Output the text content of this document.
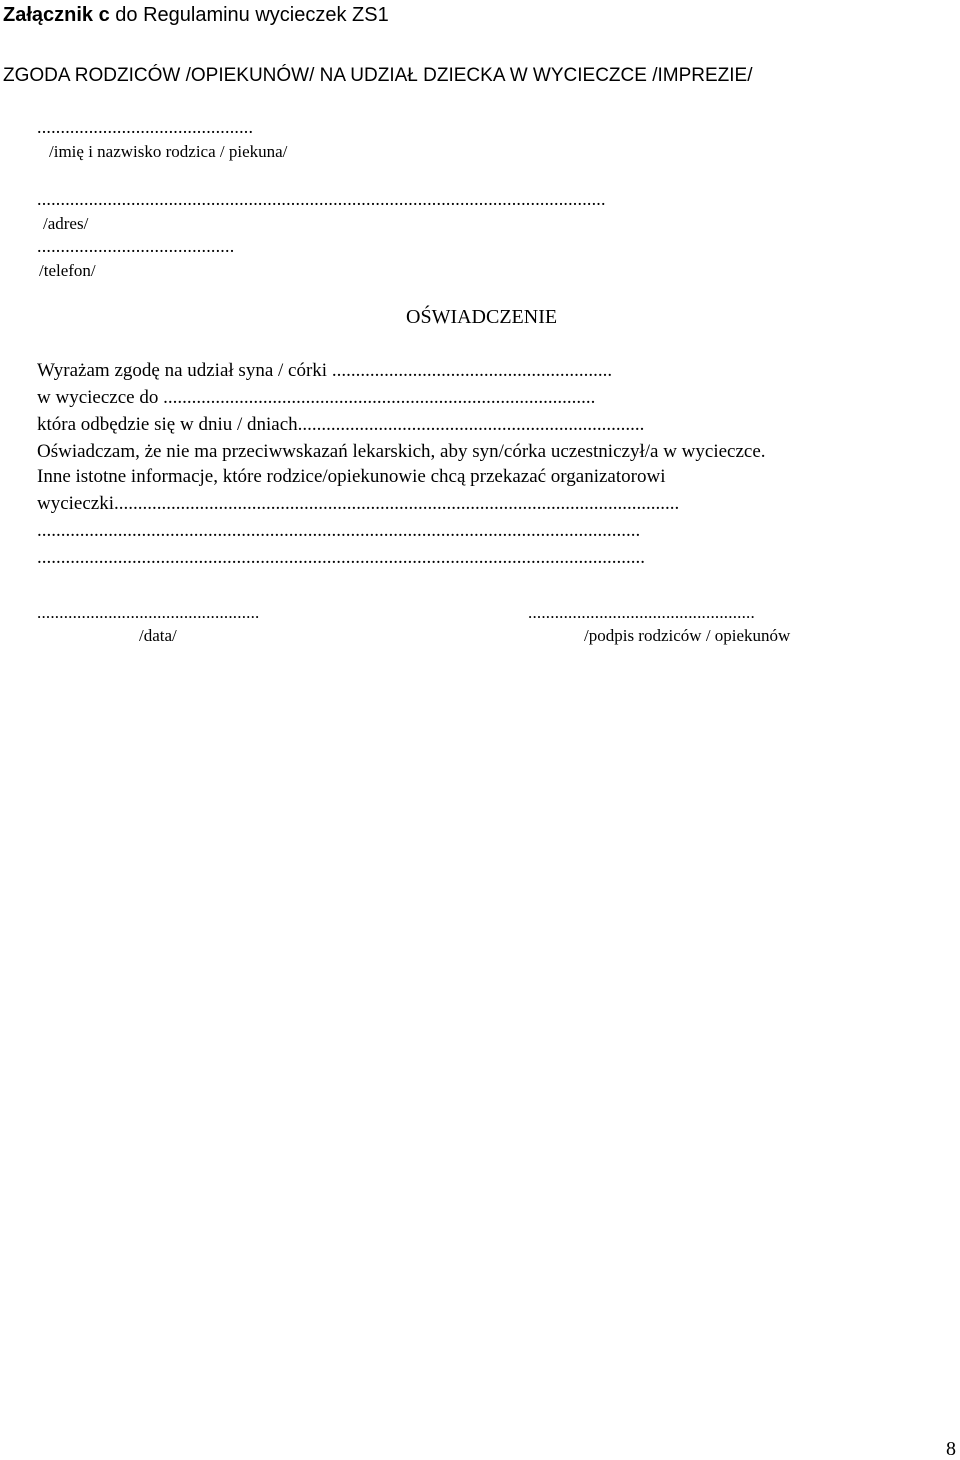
Załącznik c do Regulaminu wycieczek ZS1
ZGODA RODZICÓW /OPIEKUNÓW/ NA UDZIAŁ DZIECKA W WYCIECZCE /IMPREZIE/
..............................................
/imię i nazwisko rodzica / piekuna/
.........................................................................................................................
/adres/
..........................................
/telefon/
OŚWIADCZENIE
Wyrażam zgodę na udział syna / córki ...........................................................
w wycieczce do ...........................................................................................
która odbędzie się w dniu / dniach.........................................................................
Oświadczam, że nie ma przeciwwskazań lekarskich, aby syn/córka uczestniczył/a w wycieczce.
Inne istotne informacje, które rodzice/opiekunowie chcą przekazać organizatorowi
wycieczki.......................................................................................................................
...............................................................................................................................
................................................................................................................................
..................................................
/data/
...................................................
/podpis rodziców / opiekunów
8
